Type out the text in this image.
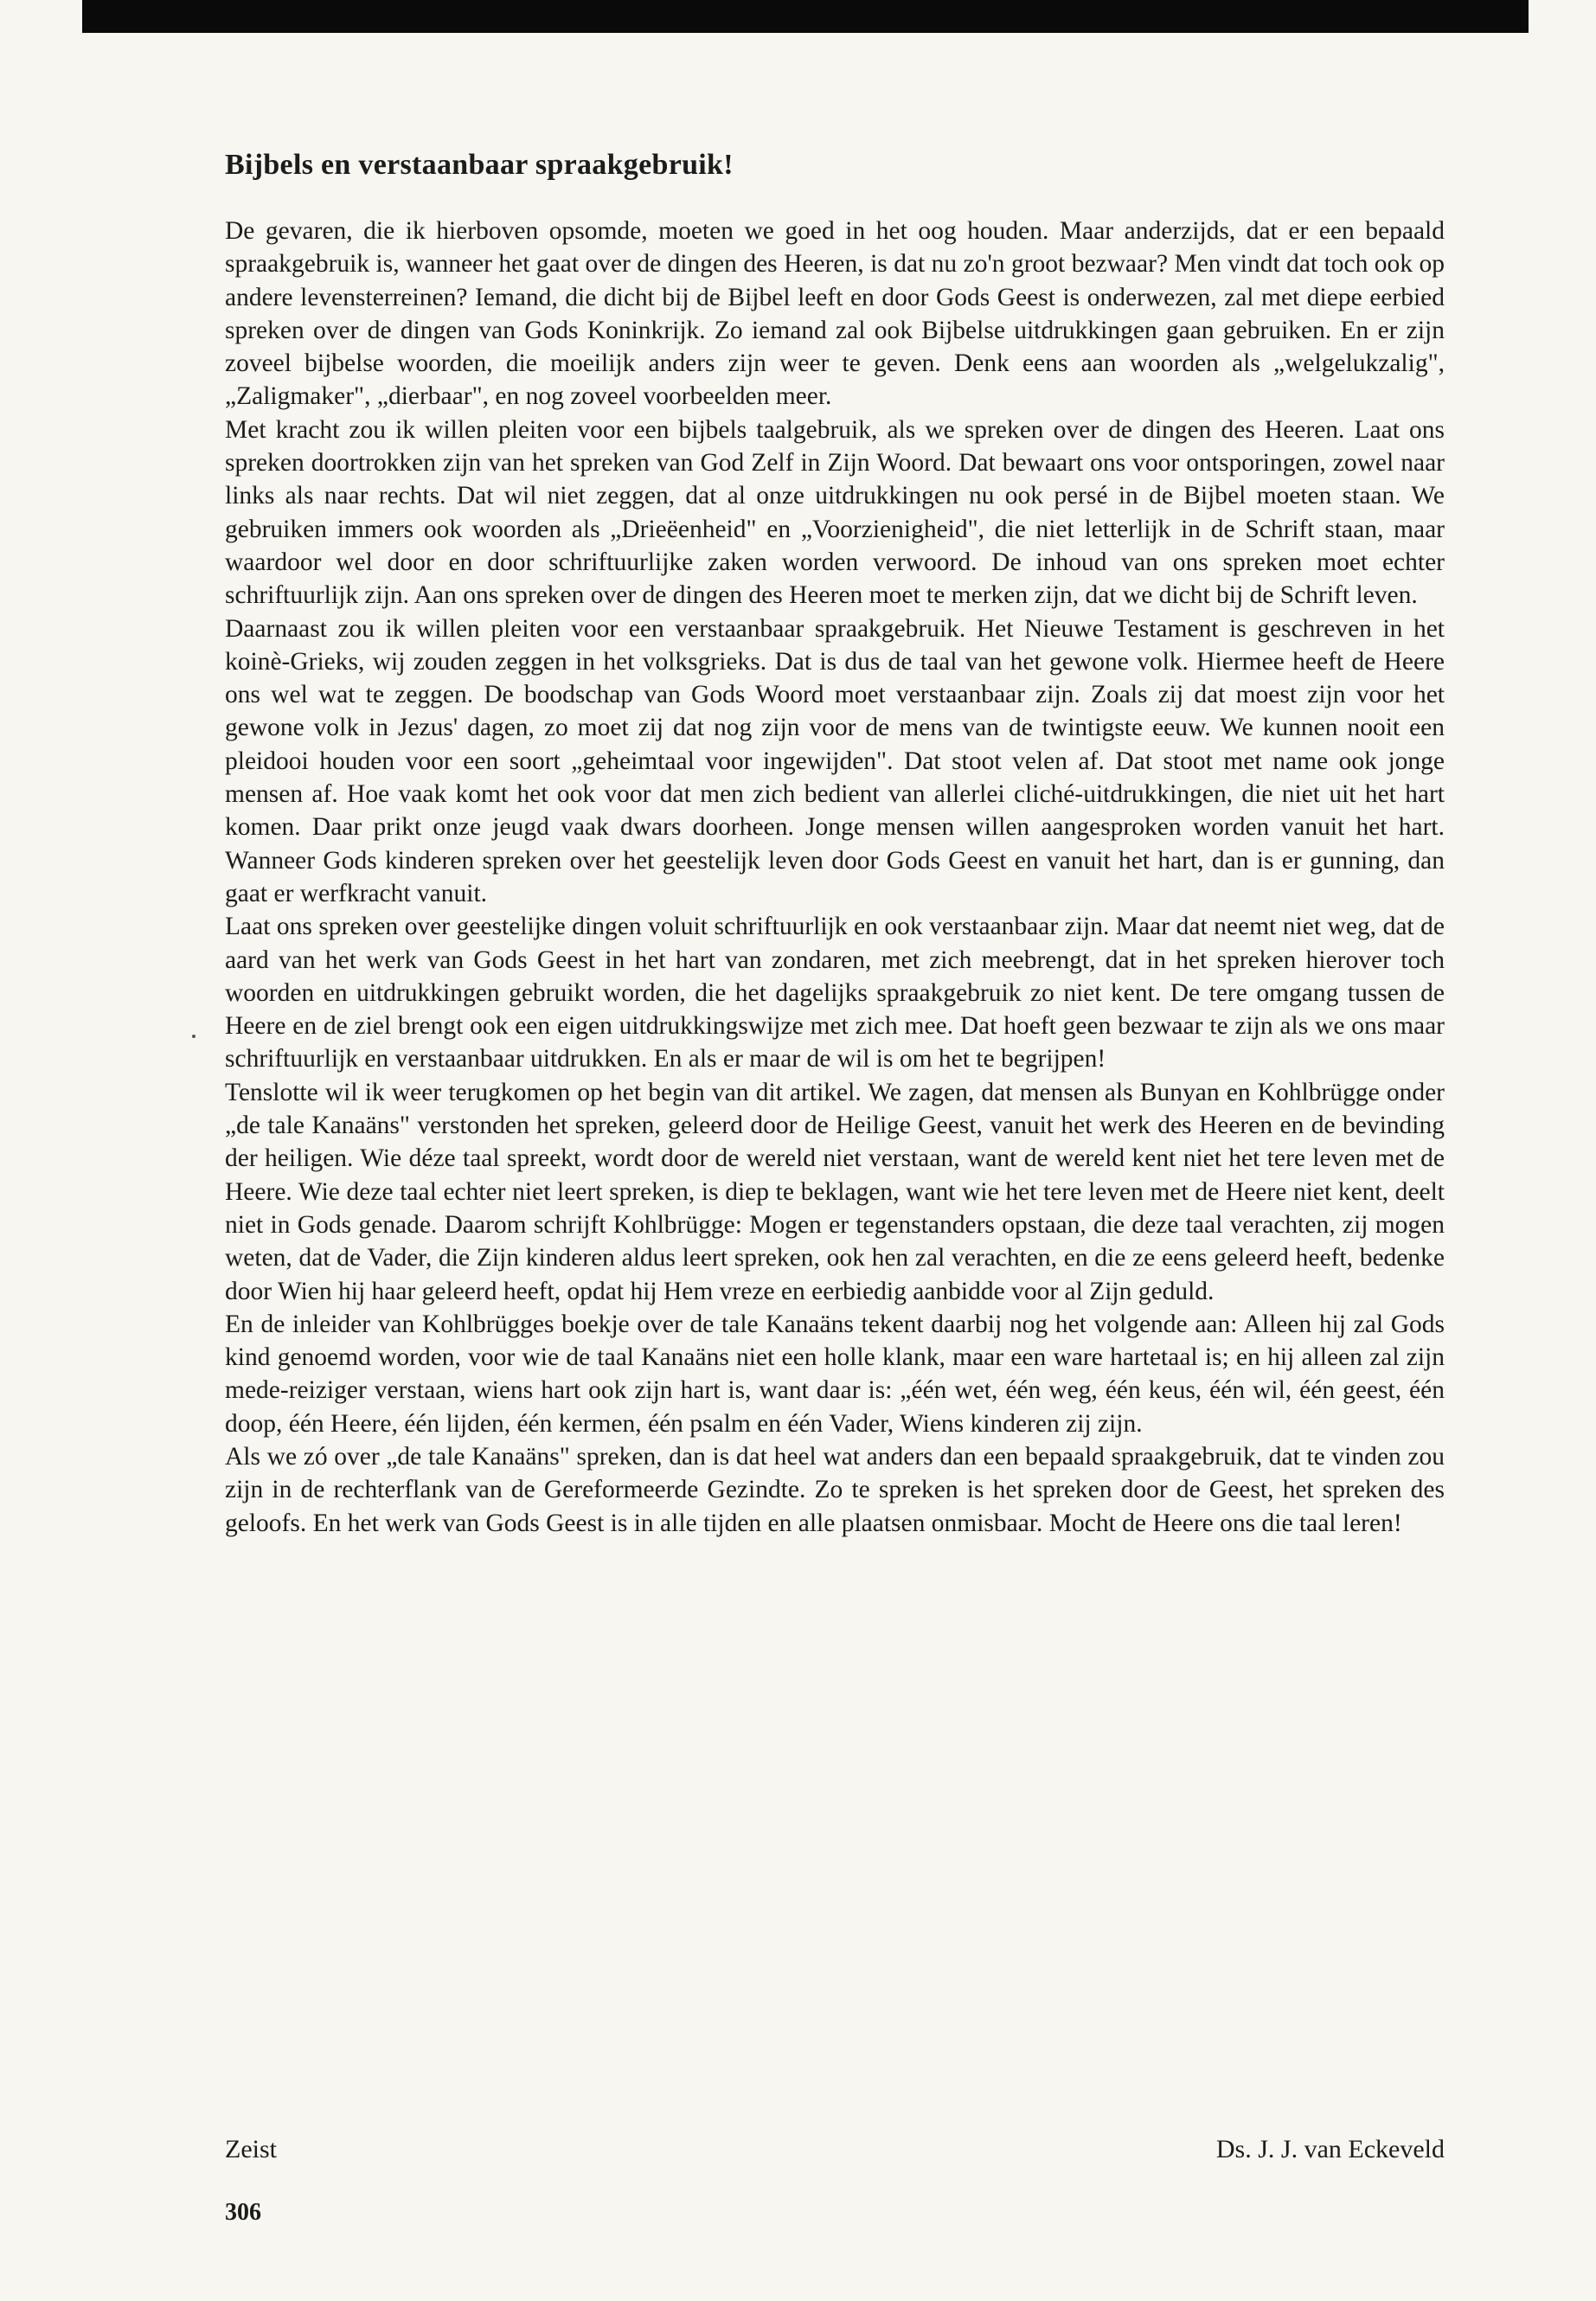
Bijbels en verstaanbaar spraakgebruik!

De gevaren, die ik hierboven opsomde, moeten we goed in het oog houden. Maar anderzijds, dat er een bepaald spraakgebruik is, wanneer het gaat over de dingen des Heeren, is dat nu zo'n groot bezwaar? Men vindt dat toch ook op andere levensterreinen? Iemand, die dicht bij de Bijbel leeft en door Gods Geest is onderwezen, zal met diepe eerbied spreken over de dingen van Gods Koninkrijk. Zo iemand zal ook Bijbelse uitdrukkingen gaan gebruiken. En er zijn zoveel bijbelse woorden, die moeilijk anders zijn weer te geven. Denk eens aan woorden als „welgelukzalig", „Zaligmaker", „dierbaar", en nog zoveel voorbeelden meer.

Met kracht zou ik willen pleiten voor een bijbels taalgebruik, als we spreken over de dingen des Heeren. Laat ons spreken doortrokken zijn van het spreken van God Zelf in Zijn Woord. Dat bewaart ons voor ontsporingen, zowel naar links als naar rechts. Dat wil niet zeggen, dat al onze uitdrukkingen nu ook persé in de Bijbel moeten staan. We gebruiken immers ook woorden als „Drieëenheid" en „Voorzienigheid", die niet letterlijk in de Schrift staan, maar waardoor wel door en door schriftuurlijke zaken worden verwoord. De inhoud van ons spreken moet echter schriftuurlijk zijn. Aan ons spreken over de dingen des Heeren moet te merken zijn, dat we dicht bij de Schrift leven.

Daarnaast zou ik willen pleiten voor een verstaanbaar spraakgebruik. Het Nieuwe Testament is geschreven in het koinè-Grieks, wij zouden zeggen in het volksgrieks. Dat is dus de taal van het gewone volk. Hiermee heeft de Heere ons wel wat te zeggen. De boodschap van Gods Woord moet verstaanbaar zijn. Zoals zij dat moest zijn voor het gewone volk in Jezus' dagen, zo moet zij dat nog zijn voor de mens van de twintigste eeuw. We kunnen nooit een pleidooi houden voor een soort „geheimtaal voor ingewijden". Dat stoot velen af. Dat stoot met name ook jonge mensen af. Hoe vaak komt het ook voor dat men zich bedient van allerlei cliché-uitdrukkingen, die niet uit het hart komen. Daar prikt onze jeugd vaak dwars doorheen. Jonge mensen willen aangesproken worden vanuit het hart. Wanneer Gods kinderen spreken over het geestelijk leven door Gods Geest en vanuit het hart, dan is er gunning, dan gaat er werfkracht vanuit.

Laat ons spreken over geestelijke dingen voluit schriftuurlijk en ook verstaanbaar zijn. Maar dat neemt niet weg, dat de aard van het werk van Gods Geest in het hart van zondaren, met zich meebrengt, dat in het spreken hierover toch woorden en uitdrukkingen gebruikt worden, die het dagelijks spraakgebruik zo niet kent. De tere omgang tussen de Heere en de ziel brengt ook een eigen uitdrukkingswijze met zich mee. Dat hoeft geen bezwaar te zijn als we ons maar schriftuurlijk en verstaanbaar uitdrukken. En als er maar de wil is om het te begrijpen!

Tenslotte wil ik weer terugkomen op het begin van dit artikel. We zagen, dat mensen als Bunyan en Kohlbrügge onder „de tale Kanaäns" verstonden het spreken, geleerd door de Heilige Geest, vanuit het werk des Heeren en de bevinding der heiligen. Wie déze taal spreekt, wordt door de wereld niet verstaan, want de wereld kent niet het tere leven met de Heere. Wie deze taal echter niet leert spreken, is diep te beklagen, want wie het tere leven met de Heere niet kent, deelt niet in Gods genade. Daarom schrijft Kohlbrügge: Mogen er tegenstanders opstaan, die deze taal verachten, zij mogen weten, dat de Vader, die Zijn kinderen aldus leert spreken, ook hen zal verachten, en die ze eens geleerd heeft, bedenke door Wien hij haar geleerd heeft, opdat hij Hem vreze en eerbiedig aanbidde voor al Zijn geduld.

En de inleider van Kohlbrügges boekje over de tale Kanaäns tekent daarbij nog het volgende aan: Alleen hij zal Gods kind genoemd worden, voor wie de taal Kanaäns niet een holle klank, maar een ware hartetaal is; en hij alleen zal zijn mede-reiziger verstaan, wiens hart ook zijn hart is, want daar is: „één wet, één weg, één keus, één wil, één geest, één doop, één Heere, één lijden, één kermen, één psalm en één Vader, Wiens kinderen zij zijn.

Als we zó over „de tale Kanaäns" spreken, dan is dat heel wat anders dan een bepaald spraakgebruik, dat te vinden zou zijn in de rechterflank van de Gereformeerde Gezindte. Zo te spreken is het spreken door de Geest, het spreken des geloofs. En het werk van Gods Geest is in alle tijden en alle plaatsen onmisbaar. Mocht de Heere ons die taal leren!

Zeist	Ds. J. J. van Eckeveld
306
